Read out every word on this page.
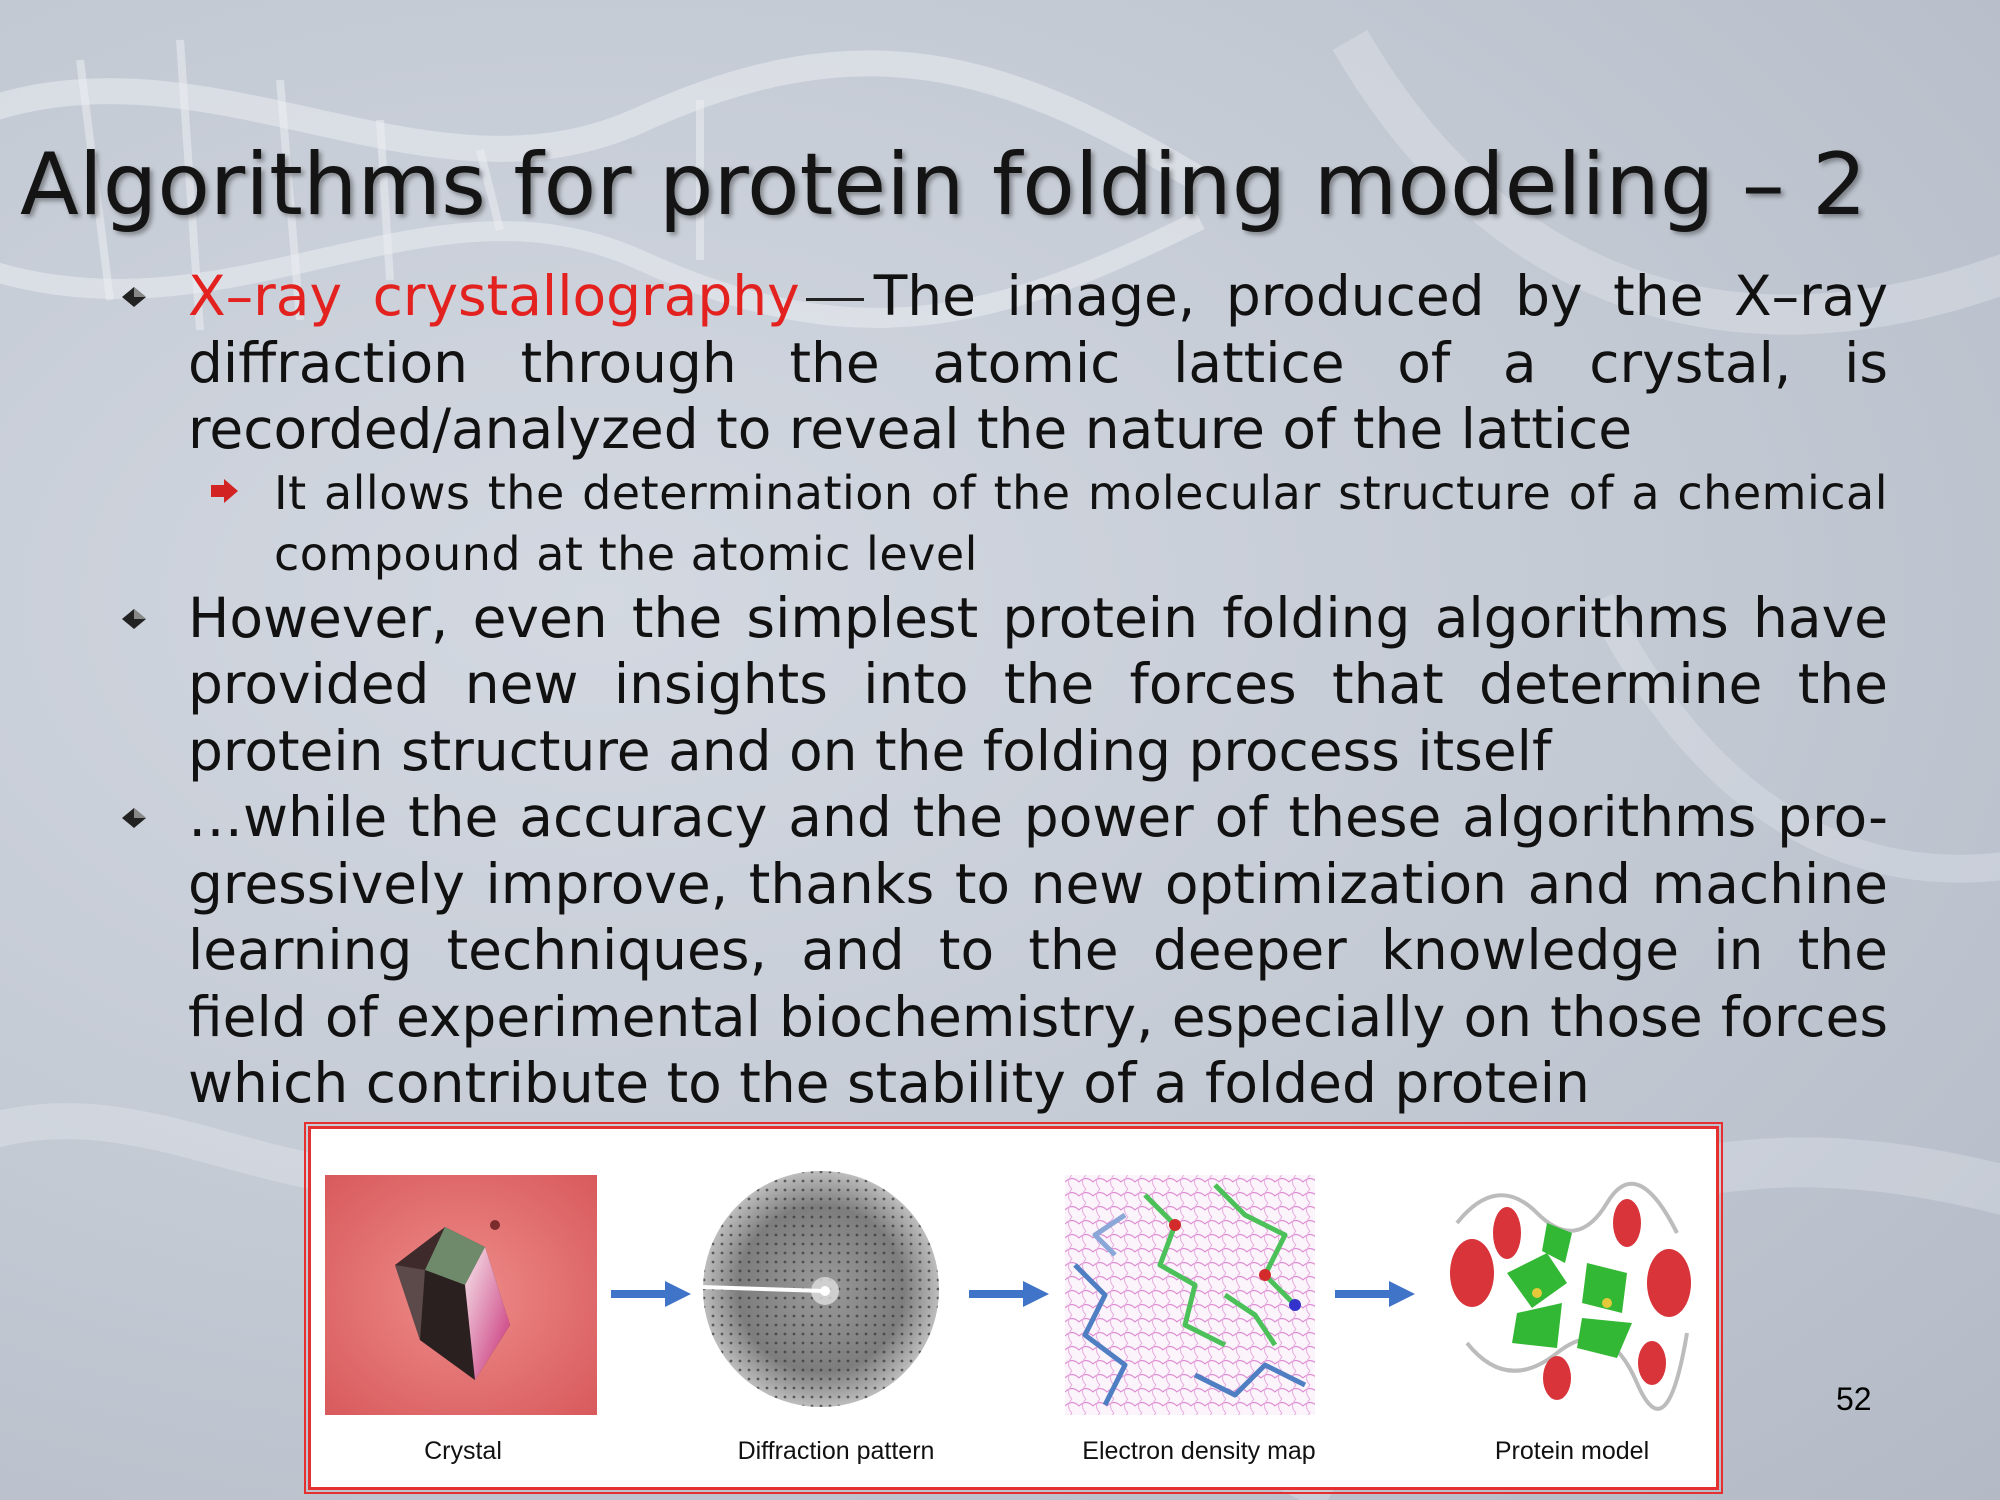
Algorithms for protein folding modeling – 2
X–ray crystallography The image, produced by the X–ray diffraction through the atomic lattice of a crystal, is recorded/analyzed to reveal the nature of the lattice
It allows the determination of the molecular structure of a chemical compound at the atomic level
However, even the simplest protein folding algorithms have provided new insights into the forces that determine the protein structure and on the folding process itself
…while the accuracy and the power of these algorithms pro-gressively improve, thanks to new optimization and machine learning techniques, and to the deeper knowledge in the field of experimental biochemistry, especially on those forces which contribute to the stability of a folded protein
Crystal	Diffraction pattern	Electron density map	Protein model
52
